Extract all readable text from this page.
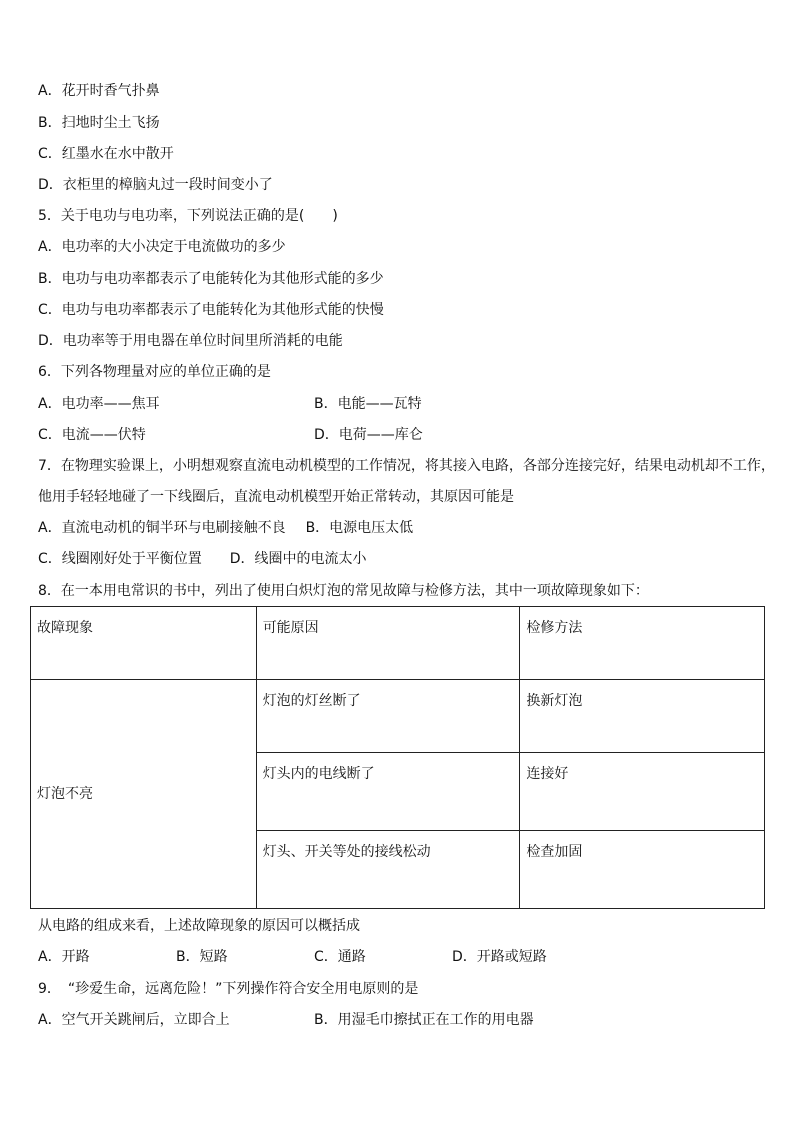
A．花开时香气扑鼻
B．扫地时尘土飞扬
C．红墨水在水中散开
D．衣柜里的樟脑丸过一段时间变小了
5．关于电功与电功率，下列说法正确的是(　　)
A．电功率的大小决定于电流做功的多少
B．电功与电功率都表示了电能转化为其他形式能的多少
C．电功与电功率都表示了电能转化为其他形式能的快慢
D．电功率等于用电器在单位时间里所消耗的电能
6．下列各物理量对应的单位正确的是
A．电功率——焦耳	B．电能——瓦特
C．电流——伏特	D．电荷——库仑
7．在物理实验课上，小明想观察直流电动机模型的工作情况，将其接入电路，各部分连接完好，结果电动机却不工作，
他用手轻轻地碰了一下线圈后，直流电动机模型开始正常转动，其原因可能是
A．直流电动机的铜半环与电刷接触不良 B．电源电压太低
C．线圈刚好处于平衡位置 D．线圈中的电流太小
8．在一本用电常识的书中，列出了使用白炽灯泡的常见故障与检修方法，其中一项故障现象如下：
故障现象	可能原因	检修方法
灯泡不亮	灯泡的灯丝断了	换新灯泡
	灯头内的电线断了	连接好
	灯头、开关等处的接线松动	检查加固
从电路的组成来看，上述故障现象的原因可以概括成
A．开路	B．短路	C．通路	D．开路或短路
9．　“珍爱生命，远离危险！”下列操作符合安全用电原则的是
A．空气开关跳闸后，立即合上	B．用湿毛巾擦拭正在工作的用电器
